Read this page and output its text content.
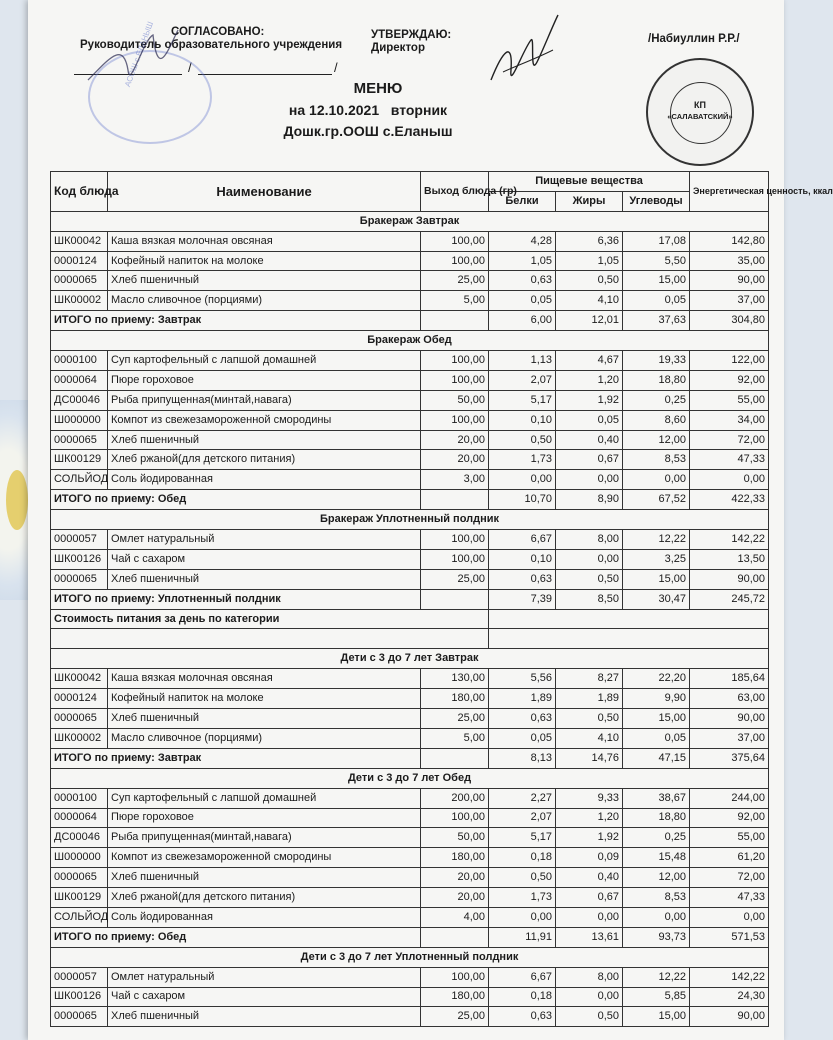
СОГЛАСОВАНО:
Руководитель образовательного учреждения
/	/
УТВЕРЖДАЮ:
Директор
/Набиуллин Р.Р./
АСОШ с.ЕЛАНЫШ
КП
«САЛАВАТСКИЙ»
МЕНЮ
на 12.10.2021   вторник
Дошк.гр.ООШ с.Еланыш
Код блюда	Наименование	Выход блюда (гр)	Пищевые вещества			Энергетическая ценность, ккал
			Белки	Жиры	Углеводы	
Бракераж Завтрак						
ШК00042	Каша вязкая молочная овсяная	100,00	4,28	6,36	17,08	142,80
0000124	Кофейный напиток на молоке	100,00	1,05	1,05	5,50	35,00
0000065	Хлеб пшеничный	25,00	0,63	0,50	15,00	90,00
ШК00002	Масло сливочное (порциями)	5,00	0,05	4,10	0,05	37,00
ИТОГО по приему: Завтрак			6,00	12,01	37,63	304,80
Бракераж Обед						
0000100	Суп картофельный с лапшой домашней	100,00	1,13	4,67	19,33	122,00
0000064	Пюре гороховое	100,00	2,07	1,20	18,80	92,00
ДС00046	Рыба припущенная(минтай,навага)	50,00	5,17	1,92	0,25	55,00
Ш000000	Компот из свежезамороженной смородины	100,00	0,10	0,05	8,60	34,00
0000065	Хлеб пшеничный	20,00	0,50	0,40	12,00	72,00
ШК00129	Хлеб ржаной(для детского питания)	20,00	1,73	0,67	8,53	47,33
СОЛЬЙОД	Соль йодированная	3,00	0,00	0,00	0,00	0,00
ИТОГО по приему: Обед			10,70	8,90	67,52	422,33
Бракераж Уплотненный полдник						
0000057	Омлет натуральный	100,00	6,67	8,00	12,22	142,22
ШК00126	Чай с сахаром	100,00	0,10	0,00	3,25	13,50
0000065	Хлеб пшеничный	25,00	0,63	0,50	15,00	90,00
ИТОГО по приему: Уплотненный полдник			7,39	8,50	30,47	245,72
Стоимость питания за день по категории						

Дети с 3 до 7 лет Завтрак						
ШК00042	Каша вязкая молочная овсяная	130,00	5,56	8,27	22,20	185,64
0000124	Кофейный напиток на молоке	180,00	1,89	1,89	9,90	63,00
0000065	Хлеб пшеничный	25,00	0,63	0,50	15,00	90,00
ШК00002	Масло сливочное (порциями)	5,00	0,05	4,10	0,05	37,00
ИТОГО по приему: Завтрак			8,13	14,76	47,15	375,64
Дети с 3 до 7 лет Обед						
0000100	Суп картофельный с лапшой домашней	200,00	2,27	9,33	38,67	244,00
0000064	Пюре гороховое	100,00	2,07	1,20	18,80	92,00
ДС00046	Рыба припущенная(минтай,навага)	50,00	5,17	1,92	0,25	55,00
Ш000000	Компот из свежезамороженной смородины	180,00	0,18	0,09	15,48	61,20
0000065	Хлеб пшеничный	20,00	0,50	0,40	12,00	72,00
ШК00129	Хлеб ржаной(для детского питания)	20,00	1,73	0,67	8,53	47,33
СОЛЬЙОД	Соль йодированная	4,00	0,00	0,00	0,00	0,00
ИТОГО по приему: Обед			11,91	13,61	93,73	571,53
Дети с 3 до 7 лет Уплотненный полдник						
0000057	Омлет натуральный	100,00	6,67	8,00	12,22	142,22
ШК00126	Чай с сахаром	180,00	0,18	0,00	5,85	24,30
0000065	Хлеб пшеничный	25,00	0,63	0,50	15,00	90,00
